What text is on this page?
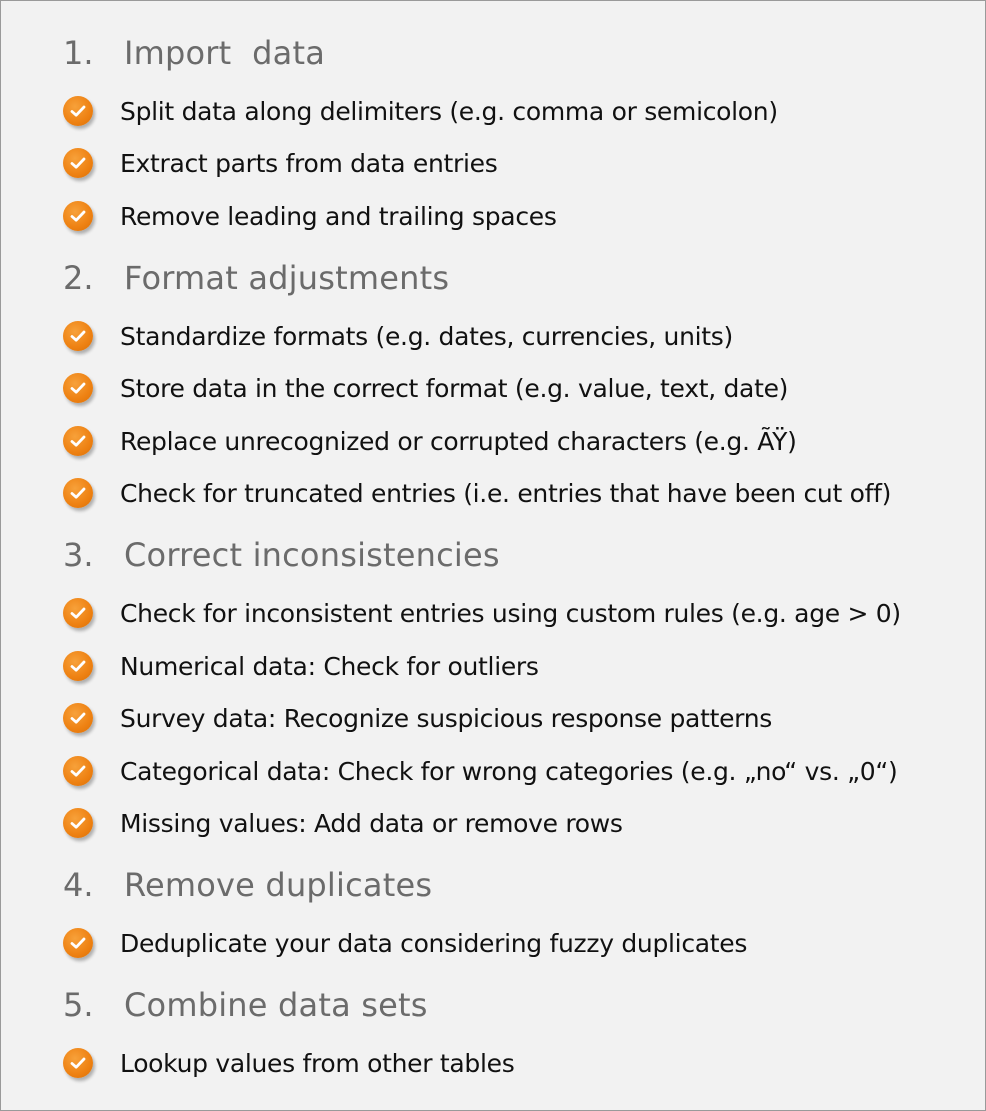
1. Import  data
Split data along delimiters (e.g. comma or semicolon)
Extract parts from data entries
Remove leading and trailing spaces
2. Format adjustments
Standardize formats (e.g. dates, currencies, units)
Store data in the correct format (e.g. value, text, date)
Replace unrecognized or corrupted characters (e.g. ÃŸ)
Check for truncated entries (i.e. entries that have been cut off)
3. Correct inconsistencies
Check for inconsistent entries using custom rules (e.g. age > 0)
Numerical data: Check for outliers
Survey data: Recognize suspicious response patterns
Categorical data: Check for wrong categories (e.g. „no“ vs. „0“)
Missing values: Add data or remove rows
4. Remove duplicates
Deduplicate your data considering fuzzy duplicates
5. Combine data sets
Lookup values from other tables
